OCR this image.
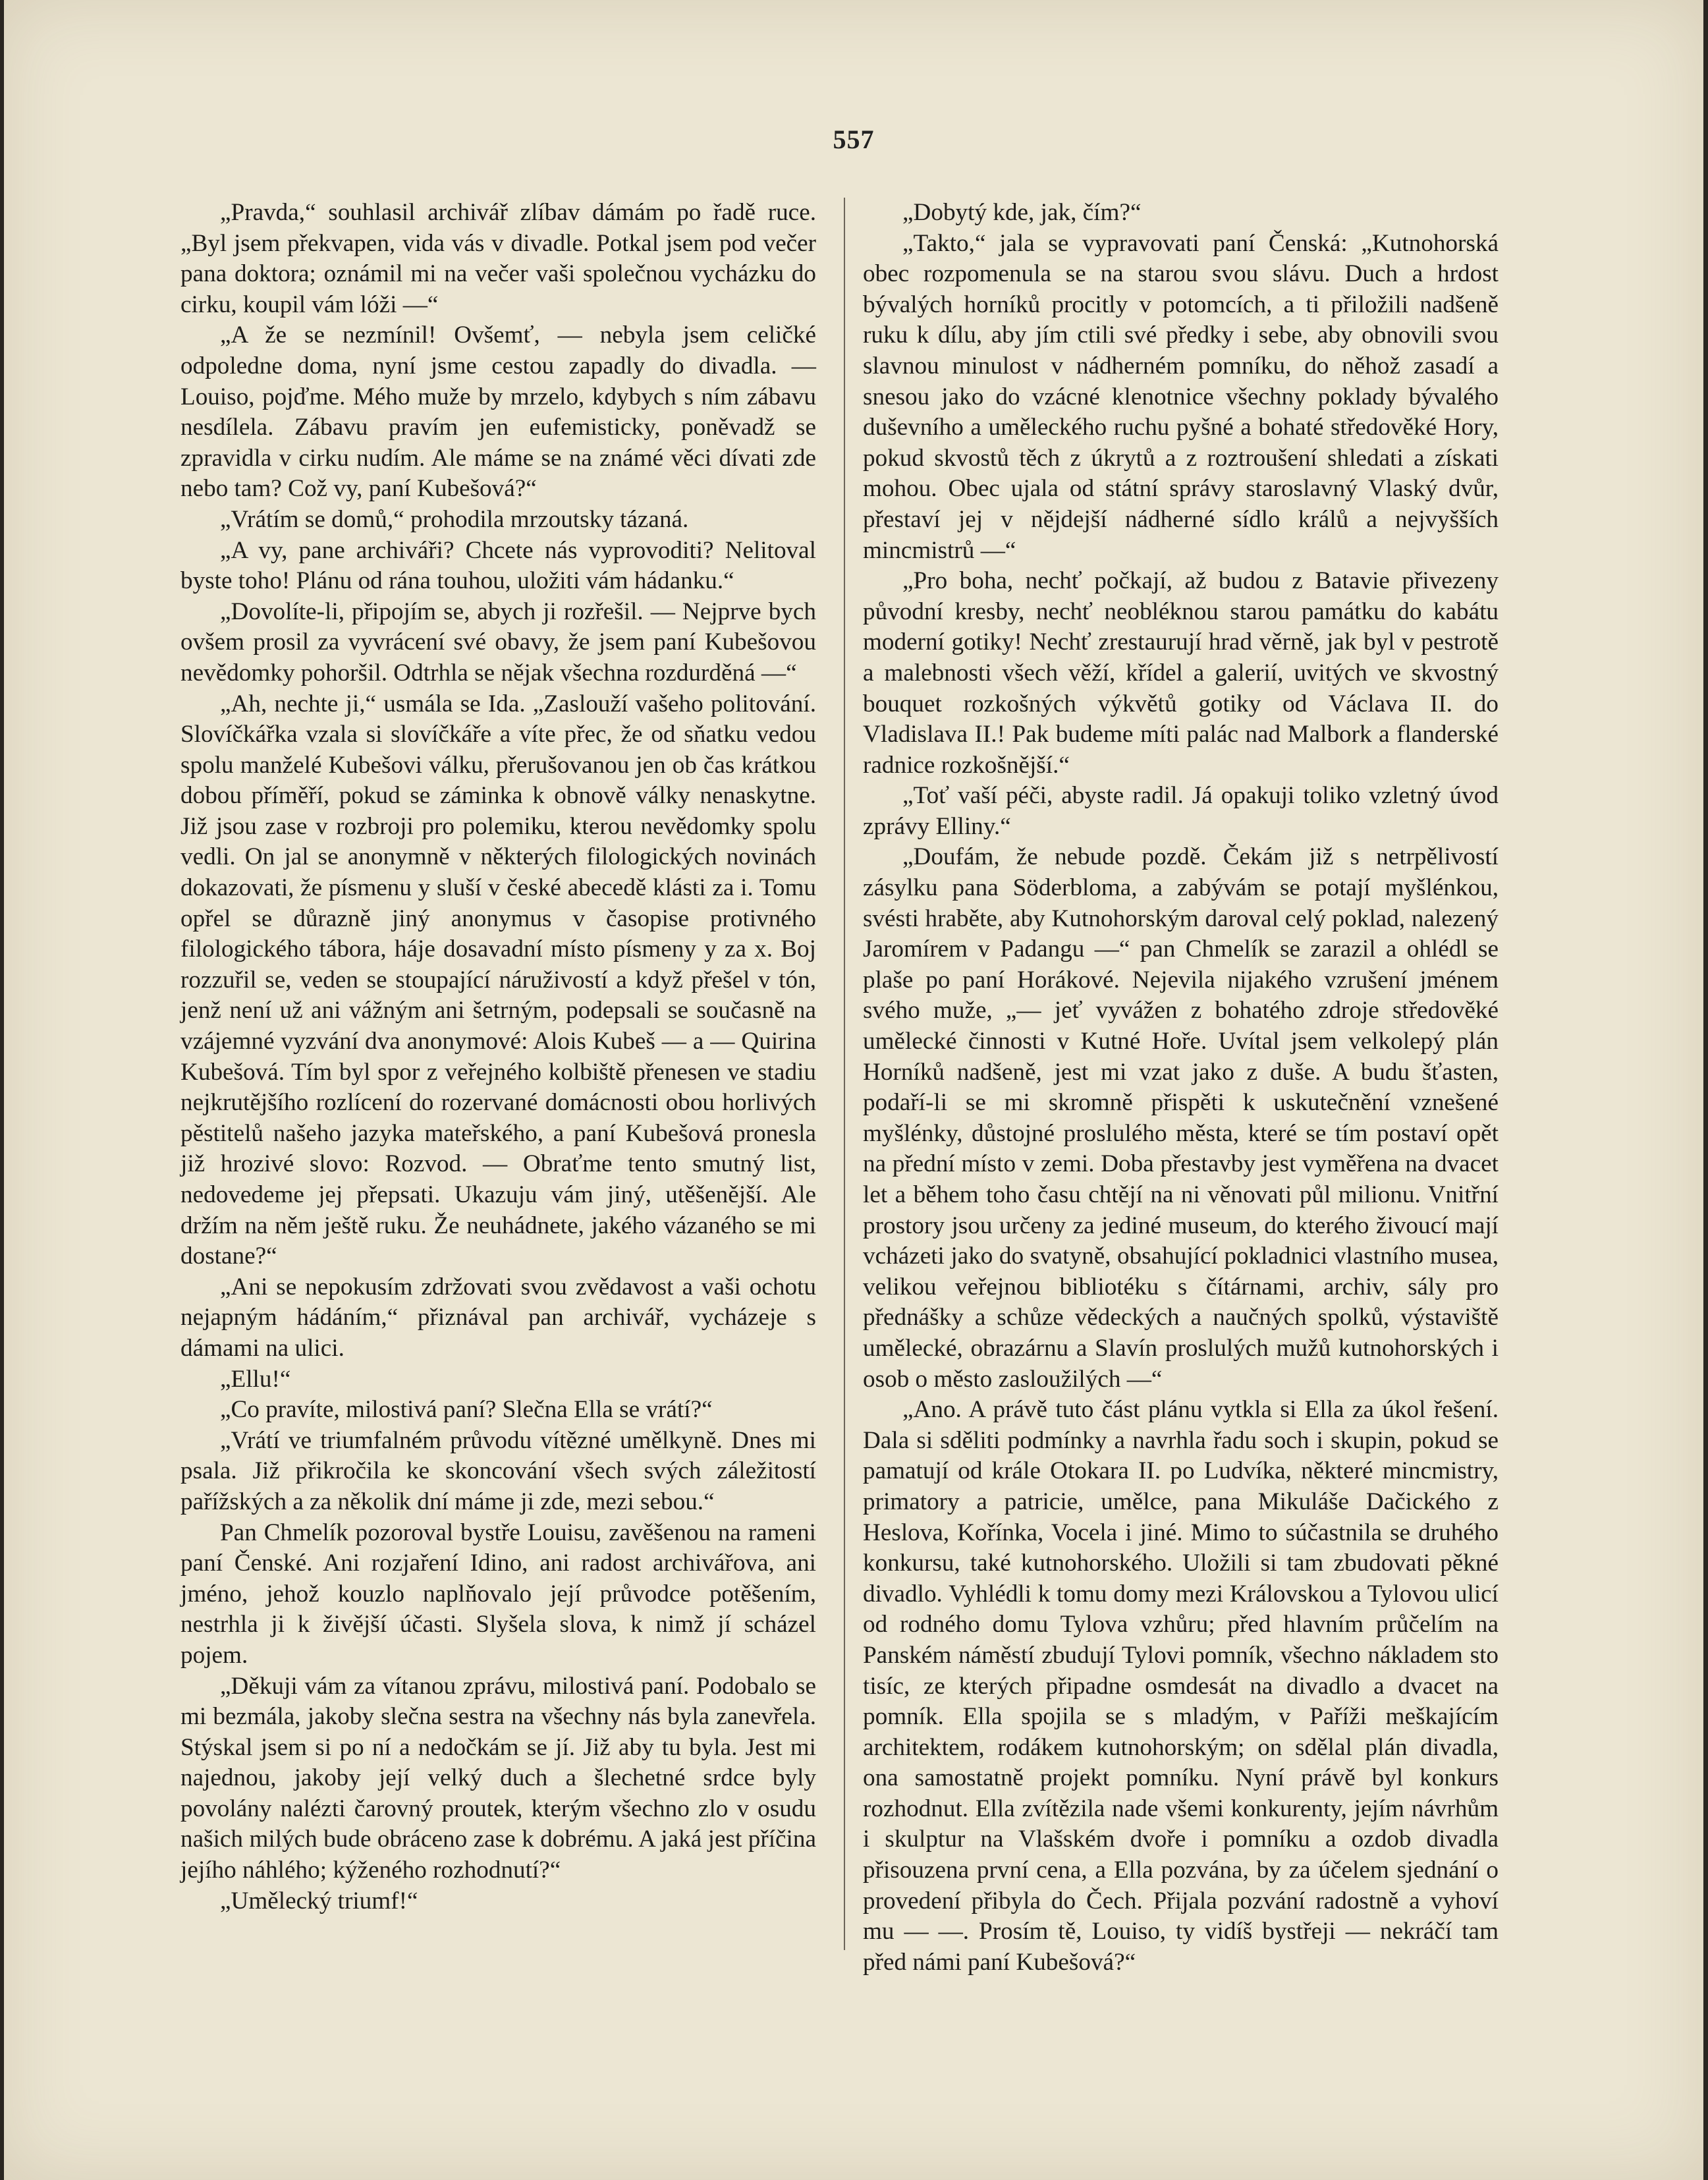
557

„Pravda,“ souhlasil archivář zlíbav dámám po řadě ruce. „Byl jsem překvapen, vida vás v divadle. Potkal jsem pod večer pana doktora; oznámil mi na večer vaši společnou vycházku do cirku, koupil vám lóži —“

„A že se nezmínil! Ovšemť, — nebyla jsem celičké odpoledne doma, nyní jsme cestou zapadly do divadla. — Louiso, pojďme. Mého muže by mrzelo, kdybych s ním zábavu nesdílela. Zábavu pravím jen eufemisticky, poněvadž se zpravidla v cirku nudím. Ale máme se na známé věci dívati zde nebo tam? Což vy, paní Kubešová?“

„Vrátím se domů,“ prohodila mrzoutsky tázaná.

„A vy, pane archiváři? Chcete nás vyprovoditi? Nelitoval byste toho! Plánu od rána touhou, uložiti vám hádanku.“

„Dovolíte-li, připojím se, abych ji rozřešil. — Nejprve bych ovšem prosil za vyvrácení své obavy, že jsem paní Kubešovou nevědomky pohoršil. Odtrhla se nějak všechna rozdurděná —“

„Ah, nechte ji,“ usmála se Ida. „Zaslouží vašeho politování. Slovíčkářka vzala si slovíčkáře a víte přec, že od sňatku vedou spolu manželé Kubešovi válku, přerušovanou jen ob čas krátkou dobou příměří, pokud se záminka k obnově války nenaskytne. Již jsou zase v rozbroji pro polemiku, kterou nevědomky spolu vedli. On jal se anonymně v některých filologických novinách dokazovati, že písmenu y sluší v české abecedě klásti za i. Tomu opřel se důrazně jiný anonymus v časopise protivného filologického tábora, háje dosavadní místo písmeny y za x. Boj rozzuřil se, veden se stoupající náruživostí a když přešel v tón, jenž není už ani vážným ani šetrným, podepsali se současně na vzájemné vyzvání dva anonymové: Alois Kubeš — a — Quirina Kubešová. Tím byl spor z veřejného kolbiště přenesen ve stadiu nejkrutějšího rozlícení do rozervané domácnosti obou horlivých pěstitelů našeho jazyka mateřského, a paní Kubešová pronesla již hrozivé slovo: Rozvod. — Obraťme tento smutný list, nedovedeme jej přepsati. Ukazuju vám jiný, utěšenější. Ale držím na něm ještě ruku. Že neuhádnete, jakého vázaného se mi dostane?“

„Ani se nepokusím zdržovati svou zvědavost a vaši ochotu nejapným hádáním,“ přiznával pan archivář, vycházeje s dámami na ulici.

„Ellu!“

„Co pravíte, milostivá paní? Slečna Ella se vrátí?“

„Vrátí ve triumfalném průvodu vítězné umělkyně. Dnes mi psala. Již přikročila ke skoncování všech svých záležitostí pařížských a za několik dní máme ji zde, mezi sebou.“

Pan Chmelík pozoroval bystře Louisu, zavěšenou na rameni paní Čenské. Ani rozjaření Idino, ani radost archivářova, ani jméno, jehož kouzlo naplňovalo její průvodce potěšením, nestrhla ji k živější účasti. Slyšela slova, k nimž jí scházel pojem.

„Děkuji vám za vítanou zprávu, milostivá paní. Podobalo se mi bezmála, jakoby slečna sestra na všechny nás byla zanevřela. Stýskal jsem si po ní a nedočkám se jí. Již aby tu byla. Jest mi najednou, jakoby její velký duch a šlechetné srdce byly povolány nalézti čarovný proutek, kterým všechno zlo v osudu našich milých bude obráceno zase k dobrému. A jaká jest příčina jejího náhlého; kýženého rozhodnutí?“

„Umělecký triumf!“

„Dobytý kde, jak, čím?“

„Takto,“ jala se vypravovati paní Čenská: „Kutnohorská obec rozpomenula se na starou svou slávu. Duch a hrdost bývalých horníků procitly v potomcích, a ti přiložili nadšeně ruku k dílu, aby jím ctili své předky i sebe, aby obnovili svou slavnou minulost v nádherném pomníku, do něhož zasadí a snesou jako do vzácné klenotnice všechny poklady bývalého duševního a uměleckého ruchu pyšné a bohaté středověké Hory, pokud skvostů těch z úkrytů a z roztroušení shledati a získati mohou. Obec ujala od státní správy staroslavný Vlaský dvůr, přestaví jej v nějdejší nádherné sídlo králů a nejvyšších mincmistrů —“

„Pro boha, nechť počkají, až budou z Batavie přivezeny původní kresby, nechť neobléknou starou památku do kabátu moderní gotiky! Nechť zrestaurují hrad věrně, jak byl v pestrotě a malebnosti všech věží, křídel a galerií, uvitých ve skvostný bouquet rozkošných výkvětů gotiky od Václava II. do Vladislava II.! Pak budeme míti palác nad Malbork a flanderské radnice rozkošnější.“

„Toť vaší péči, abyste radil. Já opakuji toliko vzletný úvod zprávy Elliny.“

„Doufám, že nebude pozdě. Čekám již s netrpělivostí zásylku pana Söderbloma, a zabývám se potají myšlénkou, svésti hraběte, aby Kutnohorským daroval celý poklad, nalezený Jaromírem v Padangu —“ pan Chmelík se zarazil a ohlédl se plaše po paní Horákové. Nejevila nijakého vzrušení jménem svého muže, „— jeť vyvážen z bohatého zdroje středověké umělecké činnosti v Kutné Hoře. Uvítal jsem velkolepý plán Horníků nadšeně, jest mi vzat jako z duše. A budu šťasten, podaří-li se mi skromně přispěti k uskutečnění vznešené myšlénky, důstojné proslulého města, které se tím postaví opět na přední místo v zemi. Doba přestavby jest vyměřena na dvacet let a během toho času chtějí na ni věnovati půl milionu. Vnitřní prostory jsou určeny za jediné museum, do kterého živoucí mají vcházeti jako do svatyně, obsahující pokladnici vlastního musea, velikou veřejnou bibliotéku s čítárnami, archiv, sály pro přednášky a schůze vědeckých a naučných spolků, výstaviště umělecké, obrazárnu a Slavín proslulých mužů kutnohorských i osob o město zasloužilých —“

„Ano. A právě tuto část plánu vytkla si Ella za úkol řešení. Dala si sděliti podmínky a navrhla řadu soch i skupin, pokud se pamatují od krále Otokara II. po Ludvíka, některé mincmistry, primatory a patricie, umělce, pana Mikuláše Dačického z Heslova, Kořínka, Vocela i jiné. Mimo to súčastnila se druhého konkursu, také kutnohorského. Uložili si tam zbudovati pěkné divadlo. Vyhlédli k tomu domy mezi Královskou a Tylovou ulicí od rodného domu Tylova vzhůru; před hlavním průčelím na Panském náměstí zbudují Tylovi pomník, všechno nákladem sto tisíc, ze kterých připadne osmdesát na divadlo a dvacet na pomník. Ella spojila se s mladým, v Paříži meškajícím architektem, rodákem kutnohorským; on sdělal plán divadla, ona samostatně projekt pomníku. Nyní právě byl konkurs rozhodnut. Ella zvítězila nade všemi konkurenty, jejím návrhům i skulptur na Vlašském dvoře i pomníku a ozdob divadla přisouzena první cena, a Ella pozvána, by za účelem sjednání o provedení přibyla do Čech. Přijala pozvání radostně a vyhoví mu — —. Prosím tě, Louiso, ty vidíš bystřeji — nekráčí tam před námi paní Kubešová?“
